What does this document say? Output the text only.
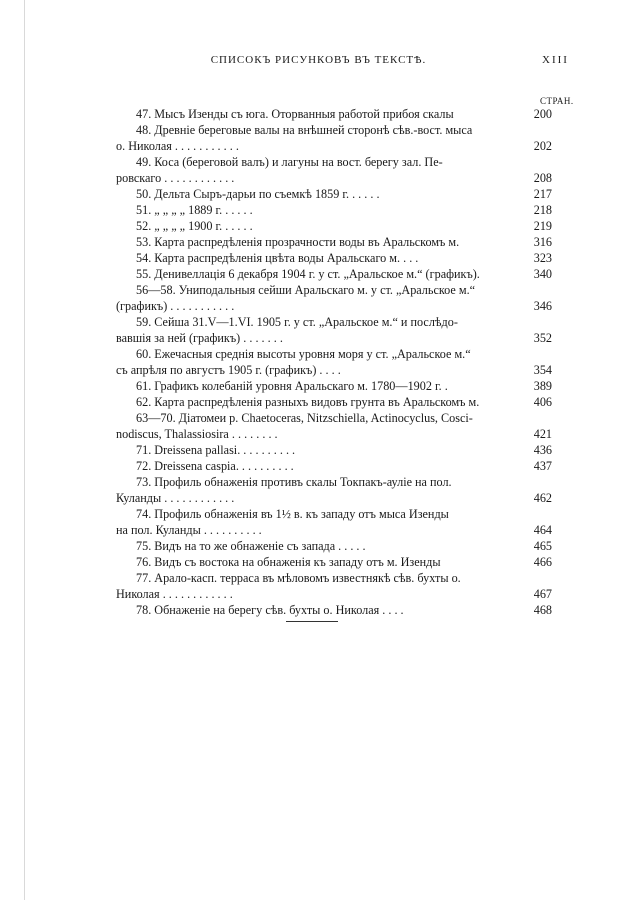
СПИСОКЪ РИСУНКОВЪ ВЪ ТЕКСТѢ.	XIII
СТРАН.
47. Мысъ Изенды съ юга. Оторванныя работой прибоя скалы	200
48. Древніе береговые валы на внѣшней сторонѣ сѣв.-вост. мыса
о. Николая . . . . . . . . . . .	202
49. Коса (береговой валъ) и лагуны на вост. берегу зал. Пе-
ровскаго . . . . . . . . . . . .	208
50. Дельта Сыръ-дарьи по съемкѣ 1859 г. . . . . .	217
51. „ „ „ „ 1889 г. . . . . .	218
52. „ „ „ „ 1900 г. . . . . .	219
53. Карта распредѣленія прозрачности воды въ Аральскомъ м.	316
54. Карта распредѣленія цвѣта воды Аральскаго м. . . .	323
55. Денивеллація 6 декабря 1904 г. у ст. „Аральское м.“ (графикъ).	340
56—58. Униподальныя сейши Аральскаго м. у ст. „Аральское м.“
(графикъ) . . . . . . . . . . .	346
59. Сейша 31.V—1.VI. 1905 г. у ст. „Аральское м.“ и послѣдо-
вавшія за ней (графикъ) . . . . . . .	352
60. Ежечасныя среднія высоты уровня моря у ст. „Аральское м.“
съ апрѣля по августъ 1905 г. (графикъ) . . . .	354
61. Графикъ колебаній уровня Аральскаго м. 1780—1902 г. .	389
62. Карта распредѣленія разныхъ видовъ грунта въ Аральскомъ м.	406
63—70. Діатомеи р. Chaetoceras, Nitzschiella, Actinocyclus, Cosci-
nodiscus, Thalassiosira . . . . . . . .	421
71. Dreissena pallasi. . . . . . . . . .	436
72. Dreissena caspia. . . . . . . . . .	437
73. Профиль обнаженія противъ скалы Токпакъ-ауліе на пол.
Куланды . . . . . . . . . . . .	462
74. Профиль обнаженія въ 1½ в. къ западу отъ мыса Изенды
на пол. Куланды . . . . . . . . . .	464
75. Видъ на то же обнаженіе съ запада . . . . .	465
76. Видъ съ востока на обнаженія къ западу отъ м. Изенды	466
77. Арало-касп. терраса въ мѣловомъ известнякѣ сѣв. бухты о.
Николая . . . . . . . . . . . .	467
78. Обнаженіе на берегу сѣв. бухты о. Николая . . . .	468
